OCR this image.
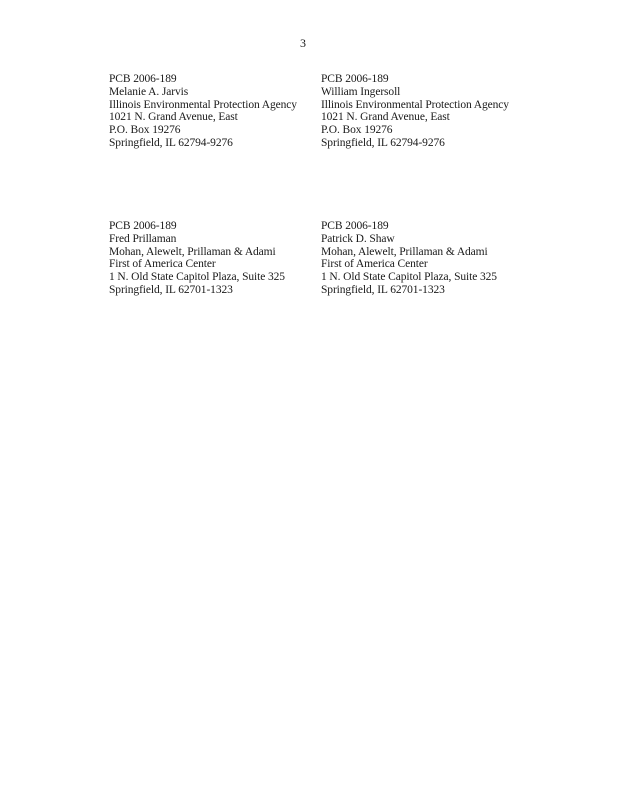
3
PCB 2006-189
Melanie A. Jarvis
Illinois Environmental Protection Agency
1021 N. Grand Avenue, East
P.O. Box 19276
Springfield, IL 62794-9276
PCB 2006-189
William Ingersoll
Illinois Environmental Protection Agency
1021 N. Grand Avenue, East
P.O. Box 19276
Springfield, IL 62794-9276
PCB 2006-189
Fred Prillaman
Mohan, Alewelt, Prillaman & Adami
First of America Center
1 N. Old State Capitol Plaza, Suite 325
Springfield, IL 62701-1323
PCB 2006-189
Patrick D. Shaw
Mohan, Alewelt, Prillaman & Adami
First of America Center
1 N. Old State Capitol Plaza, Suite 325
Springfield, IL 62701-1323
